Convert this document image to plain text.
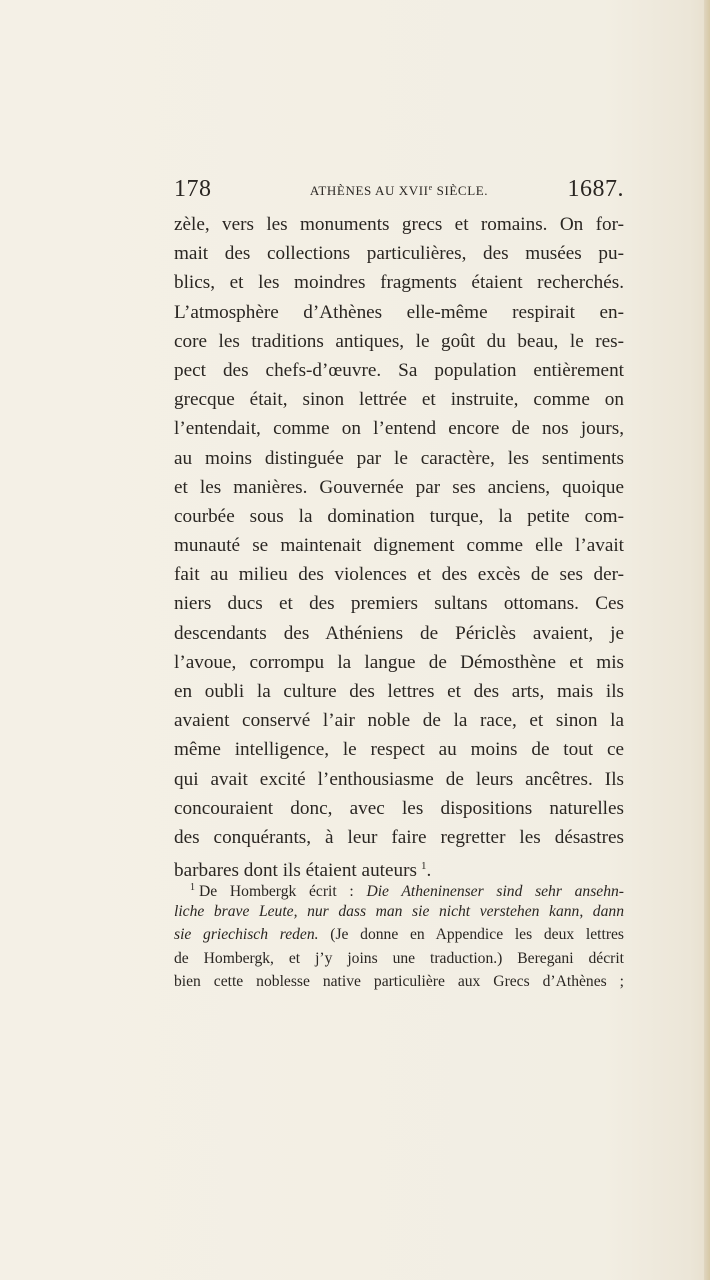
178	ATHÈNES AU XVIIe SIÈCLE.	1687.
zèle, vers les monuments grecs et romains. On for-
mait des collections particulières, des musées pu-
blics, et les moindres fragments étaient recherchés.
L’atmosphère d’Athènes elle-même respirait en-
core les traditions antiques, le goût du beau, le res-
pect des chefs-d’œuvre. Sa population entièrement
grecque était, sinon lettrée et instruite, comme on
l’entendait, comme on l’entend encore de nos jours,
au moins distinguée par le caractère, les sentiments
et les manières. Gouvernée par ses anciens, quoique
courbée sous la domination turque, la petite com-
munauté se maintenait dignement comme elle l’avait
fait au milieu des violences et des excès de ses der-
niers ducs et des premiers sultans ottomans. Ces
descendants des Athéniens de Périclès avaient, je
l’avoue, corrompu la langue de Démosthène et mis
en oubli la culture des lettres et des arts, mais ils
avaient conservé l’air noble de la race, et sinon la
même intelligence, le respect au moins de tout ce
qui avait excité l’enthousiasme de leurs ancêtres. Ils
concouraient donc, avec les dispositions naturelles
des conquérants, à leur faire regretter les désastres
barbares dont ils étaient auteurs $^1$.
$^1$ De Hombergk écrit : Die Atheninenser sind sehr ansehn-
liche brave Leute, nur dass man sie nicht verstehen kann, dann
sie griechisch reden. (Je donne en Appendice les deux lettres
de Hombergk, et j’y joins une traduction.) Beregani décrit
bien cette noblesse native particulière aux Grecs d’Athènes ;
